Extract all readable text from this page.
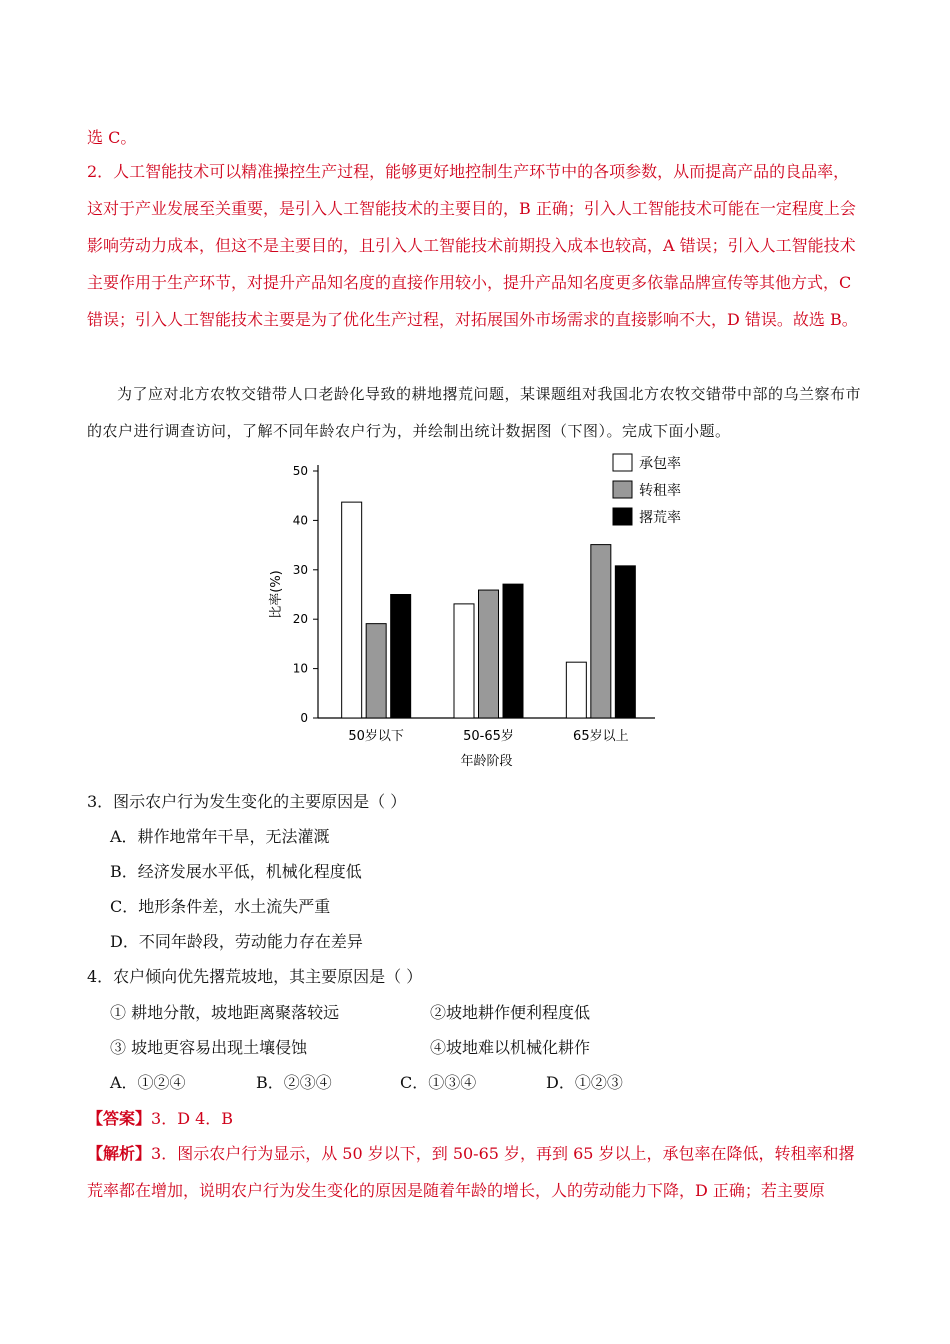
选 C。
2．人工智能技术可以精准操控生产过程，能够更好地控制生产环节中的各项参数，从而提高产品的良品率，这对于产业发展至关重要，是引入人工智能技术的主要目的，B 正确；引入人工智能技术可能在一定程度上会影响劳动力成本，但这不是主要目的，且引入人工智能技术前期投入成本也较高，A 错误；引入人工智能技术主要作用于生产环节，对提升产品知名度的直接作用较小，提升产品知名度更多依靠品牌宣传等其他方式，C 错误；引入人工智能技术主要是为了优化生产过程，对拓展国外市场需求的直接影响不大，D 错误。故选 B。
为了应对北方农牧交错带人口老龄化导致的耕地撂荒问题，某课题组对我国北方农牧交错带中部的乌兰察布市的农户进行调查访问，了解不同年龄农户行为，并绘制出统计数据图（下图）。完成下面小题。
0
10
20
30
40
50
比率(%)
年龄阶段
50岁以下	50-65岁	65岁以上
承包率
转租率
撂荒率
3．图示农户行为发生变化的主要原因是（ ）
A．耕作地常年干旱，无法灌溉
B．经济发展水平低，机械化程度低
C．地形条件差，水土流失严重
D．不同年龄段，劳动能力存在差异
4．农户倾向优先撂荒坡地，其主要原因是（ ）
① 耕地分散，坡地距离聚落较远	②坡地耕作便利程度低
③ 坡地更容易出现土壤侵蚀	④坡地难以机械化耕作
A．①②④	B．②③④	C．①③④	D．①②③
【答案】3．D 4．B
【解析】3．图示农户行为显示，从 50 岁以下，到 50-65 岁，再到 65 岁以上，承包率在降低，转租率和撂荒率都在增加，说明农户行为发生变化的原因是随着年龄的增长，人的劳动能力下降，D 正确；若主要原
